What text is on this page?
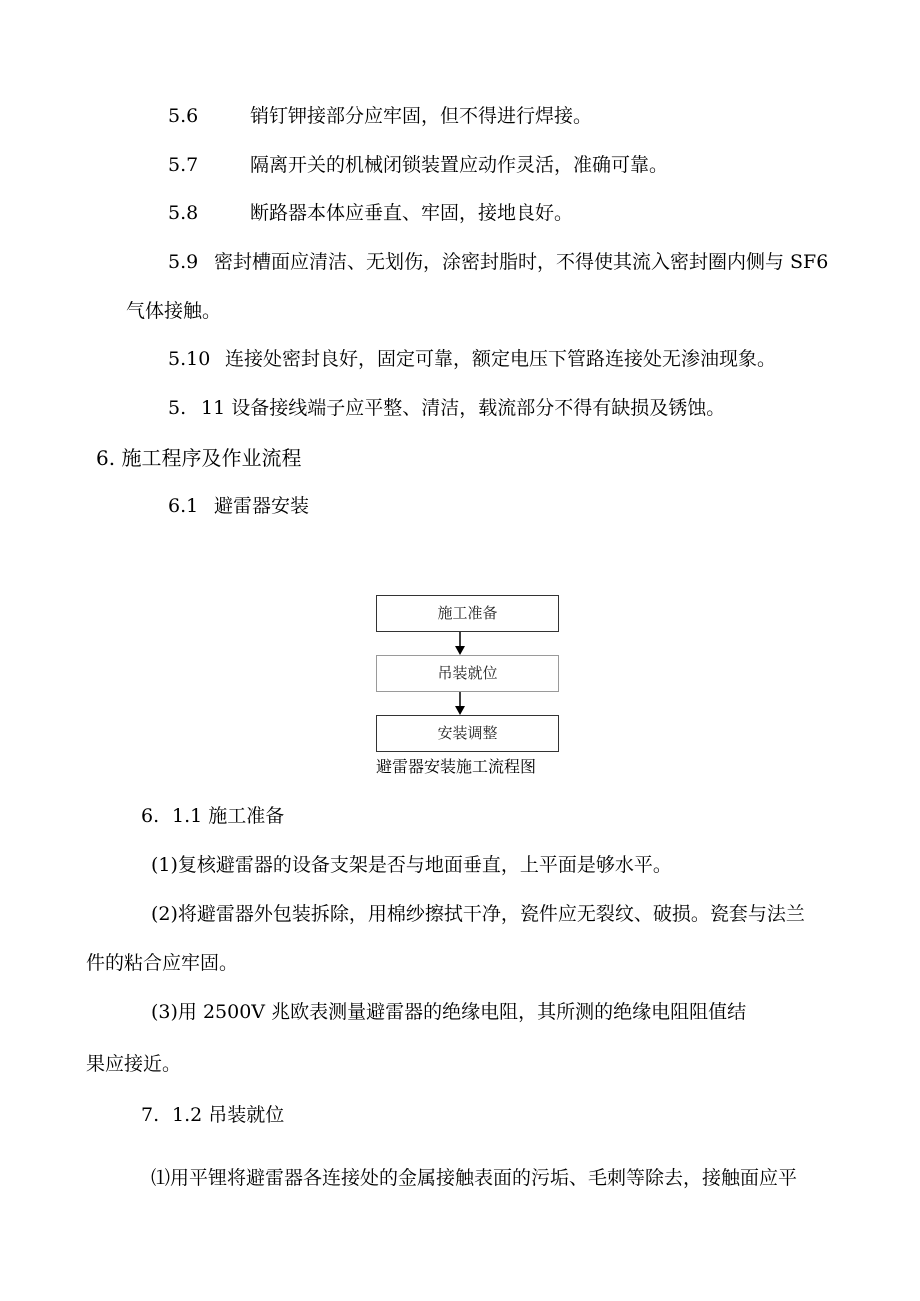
5.6	销钉钾接部分应牢固，但不得进行焊接。
5.7	隔离开关的机械闭锁装置应动作灵活，准确可靠。
5.8	断路器本体应垂直、牢固，接地良好。
5.9 密封槽面应清洁、无划伤，涂密封脂时，不得使其流入密封圈内侧与 SF6
气体接触。
5.10 连接处密封良好，固定可靠，额定电压下管路连接处无渗油现象。
5. 11 设备接线端子应平整、清洁，载流部分不得有缺损及锈蚀。
6. 施工程序及作业流程
6.1 避雷器安装
施工准备
吊装就位
安装调整
避雷器安装施工流程图
6. 1.1 施工准备
(1)复核避雷器的设备支架是否与地面垂直，上平面是够水平。
(2)将避雷器外包装拆除，用棉纱擦拭干净，瓷件应无裂纹、破损。瓷套与法兰
件的粘合应牢固。
(3)用 2500V 兆欧表测量避雷器的绝缘电阻，其所测的绝缘电阻阻值结
果应接近。
7. 1.2 吊装就位
⑴用平锂将避雷器各连接处的金属接触表面的污垢、毛刺等除去，接触面应平
